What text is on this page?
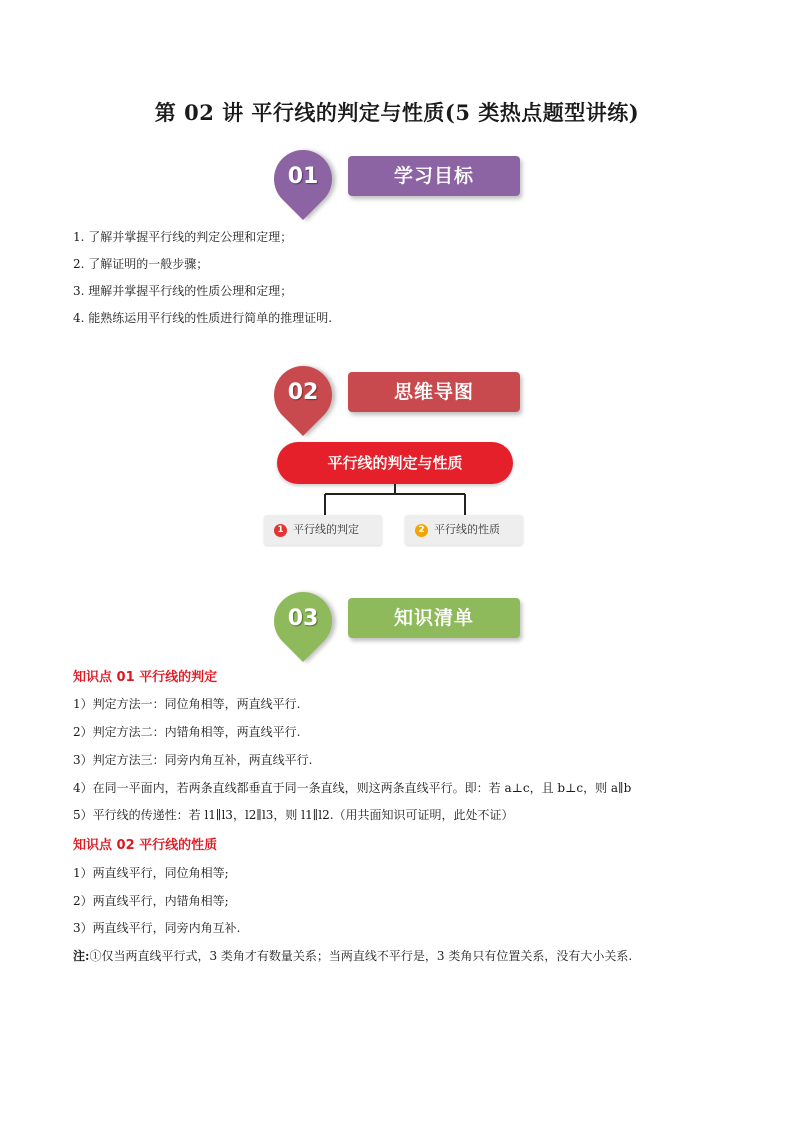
第 02 讲 平行线的判定与性质(5 类热点题型讲练)
01	学习目标
1. 了解并掌握平行线的判定公理和定理；
2. 了解证明的一般步骤；
3. 理解并掌握平行线的性质公理和定理；
4. 能熟练运用平行线的性质进行简单的推理证明.
02	思维导图
平行线的判定与性质
1 平行线的判定	2 平行线的性质
03	知识清单
知识点 01 平行线的判定
1）判定方法一：同位角相等，两直线平行.
2）判定方法二：内错角相等，两直线平行.
3）判定方法三：同旁内角互补，两直线平行.
4）在同一平面内，若两条直线都垂直于同一条直线，则这两条直线平行。即：若 a⊥c，且 b⊥c，则 a∥b
5）平行线的传递性：若 l1∥l3，l2∥l3，则 l1∥l2.（用共面知识可证明，此处不证）
知识点 02 平行线的性质
1）两直线平行，同位角相等;
2）两直线平行，内错角相等;
3）两直线平行，同旁内角互补.
注:①仅当两直线平行式，3 类角才有数量关系；当两直线不平行是，3 类角只有位置关系，没有大小关系.
